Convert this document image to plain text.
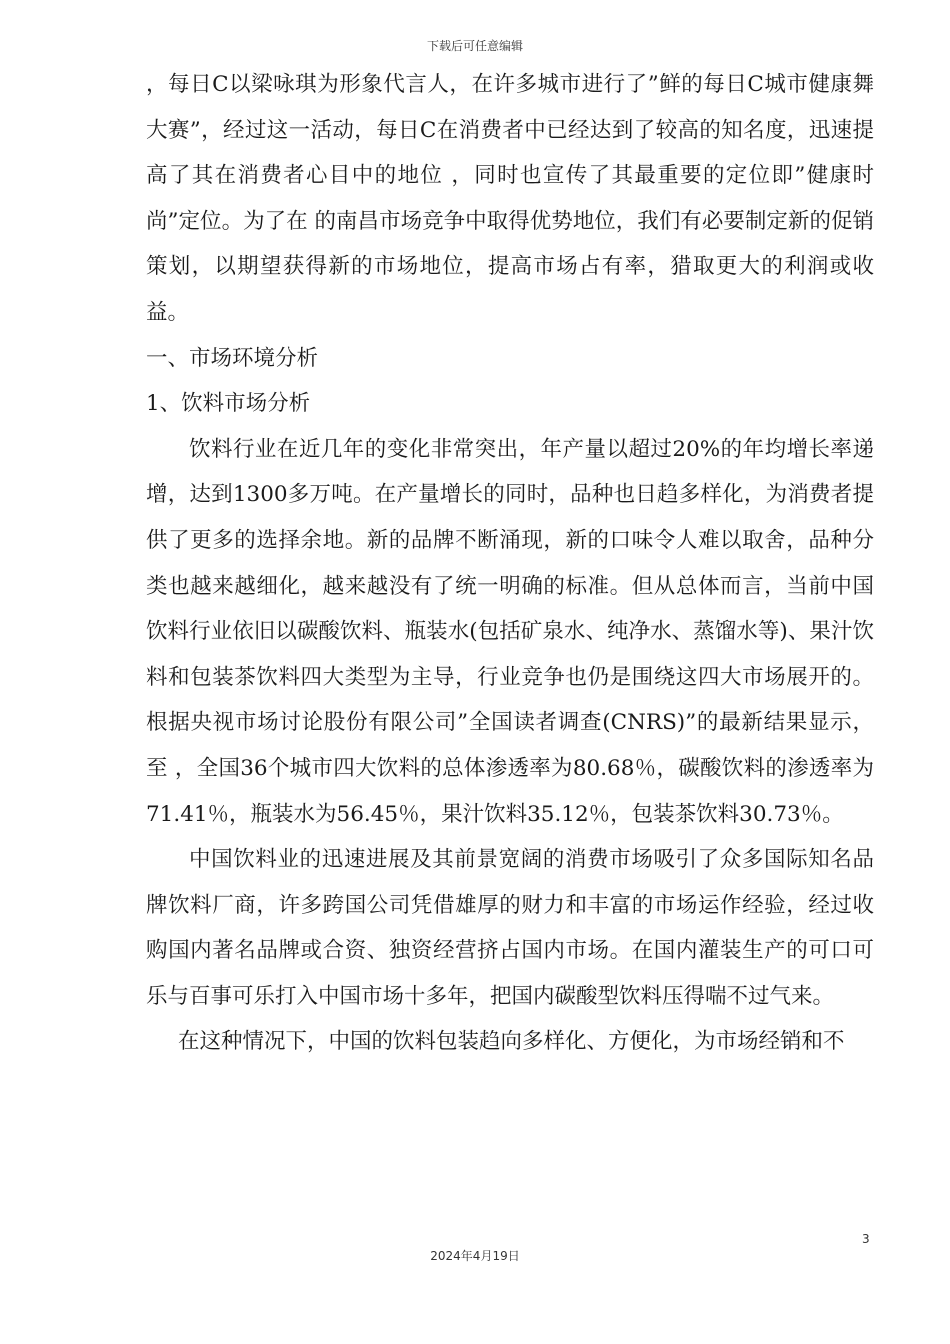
下载后可任意编辑

，每日C以梁咏琪为形象代言人，在许多城市进行了”鲜的每日C城市健康舞大赛”，经过这一活动，每日C在消费者中已经达到了较高的知名度，迅速提高了其在消费者心目中的地位 ，同时也宣传了其最重要的定位即”健康时尚”定位。为了在 的南昌市场竞争中取得优势地位，我们有必要制定新的促销策划，以期望获得新的市场地位，提高市场占有率，猎取更大的利润或收益。

一、市场环境分析

1、饮料市场分析

饮料行业在近几年的变化非常突出，年产量以超过20%的年均增长率递增，达到1300多万吨。在产量增长的同时，品种也日趋多样化，为消费者提供了更多的选择余地。新的品牌不断涌现，新的口味令人难以取舍，品种分类也越来越细化，越来越没有了统一明确的标准。但从总体而言，当前中国饮料行业依旧以碳酸饮料、瓶装水(包括矿泉水、纯净水、蒸馏水等)、果汁饮料和包装茶饮料四大类型为主导，行业竞争也仍是围绕这四大市场展开的。根据央视市场讨论股份有限公司”全国读者调查(CNRS)”的最新结果显示， 至 ，全国36个城市四大饮料的总体渗透率为80.68％，碳酸饮料的渗透率为71.41％，瓶装水为56.45％，果汁饮料35.12％，包装茶饮料30.73％。

中国饮料业的迅速进展及其前景宽阔的消费市场吸引了众多国际知名品牌饮料厂商，许多跨国公司凭借雄厚的财力和丰富的市场运作经验，经过收购国内著名品牌或合资、独资经营挤占国内市场。在国内灌装生产的可口可乐与百事可乐打入中国市场十多年，把国内碳酸型饮料压得喘不过气来。

在这种情况下，中国的饮料包装趋向多样化、方便化，为市场经销和不

3
2024年4月19日
